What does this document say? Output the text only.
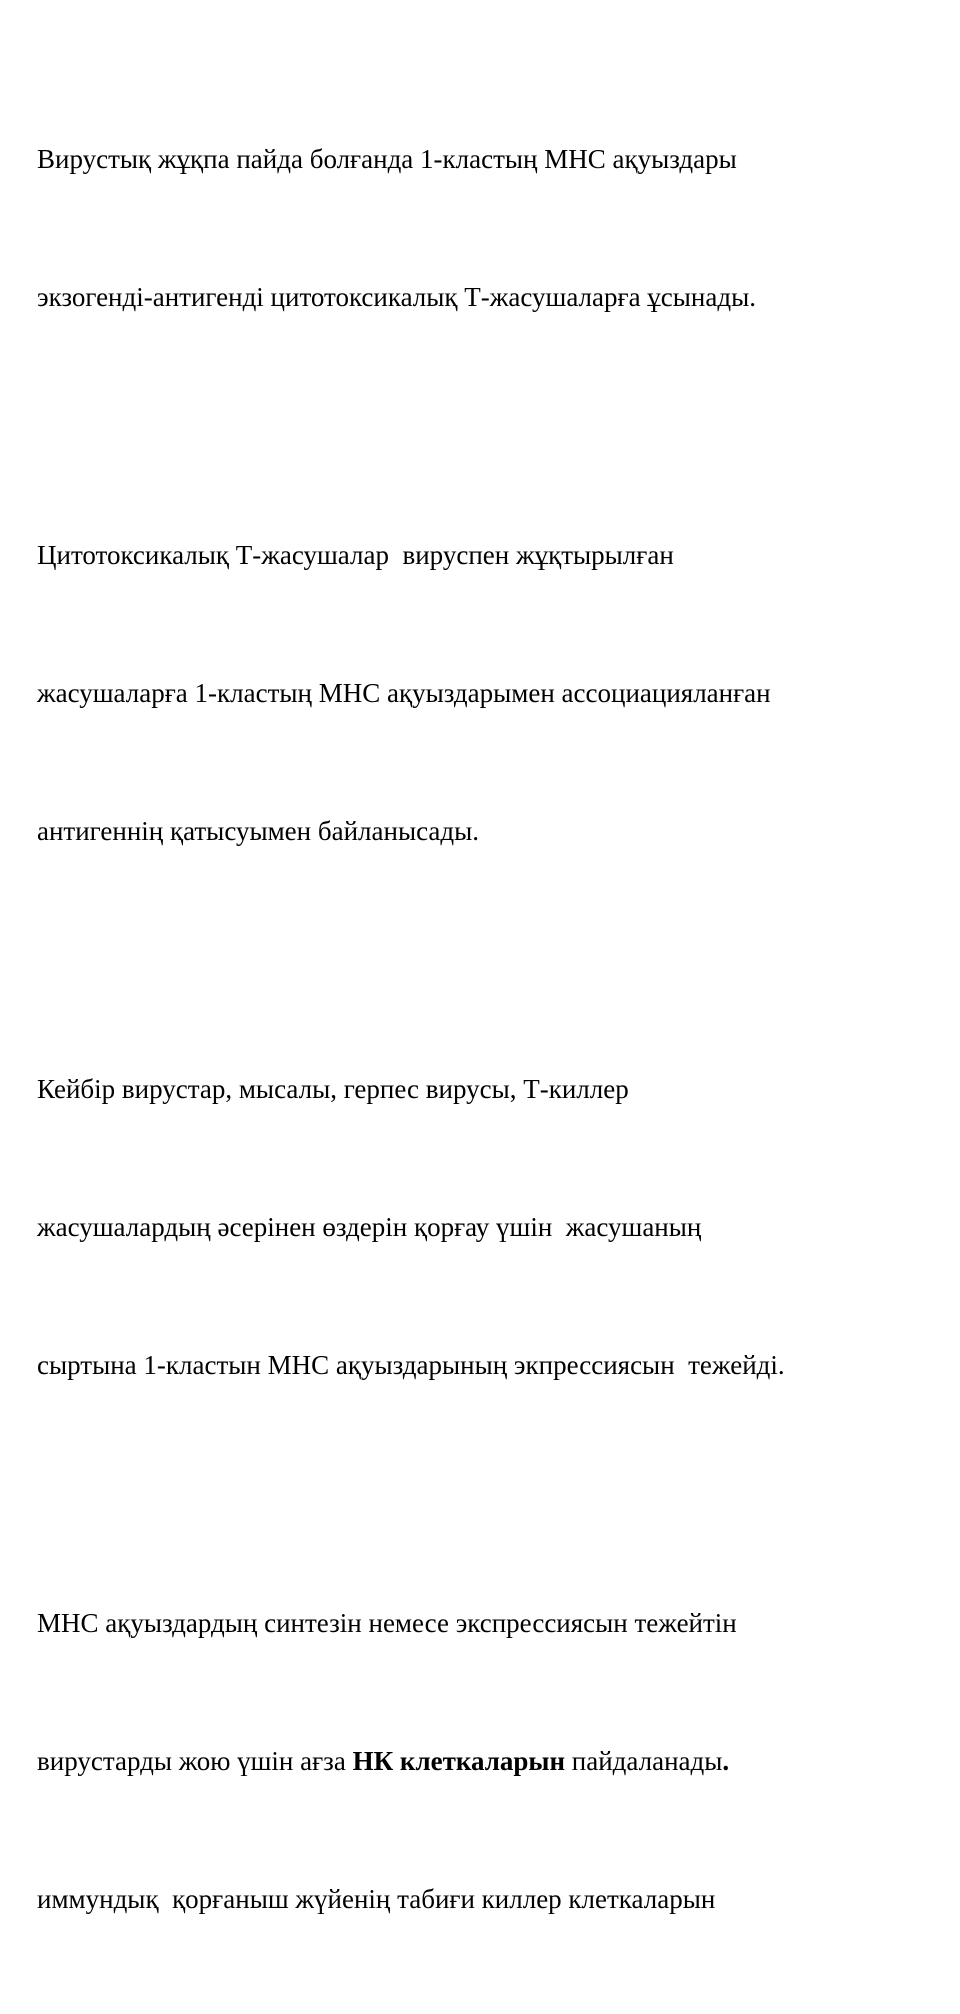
Вирустық жұқпа пайда болғанда 1-кластың МНС ақуыздары

экзогенді-антигенді цитотоксикалық Т-жасушаларға ұсынады.

Цитотоксикалық Т-жасушалар  вируспен жұқтырылған

жасушаларға 1-кластың МНС ақуыздарымен ассоциацияланған

антигеннің қатысуымен байланысады.

Кейбір вирустар, мысалы, герпес вирусы, Т-киллер

жасушалардың әсерінен өздерін қорғау үшін  жасушаның

сыртына 1-кластын МНС ақуыздарының экпрессиясын  тежейді.

МНС ақуыздардың синтезін немесе экспрессиясын тежейтін

вирустарды жою үшін ағза НК клеткаларын пайдаланады.

иммундық  қорғаныш жүйенің табиғи киллер клеткаларын
